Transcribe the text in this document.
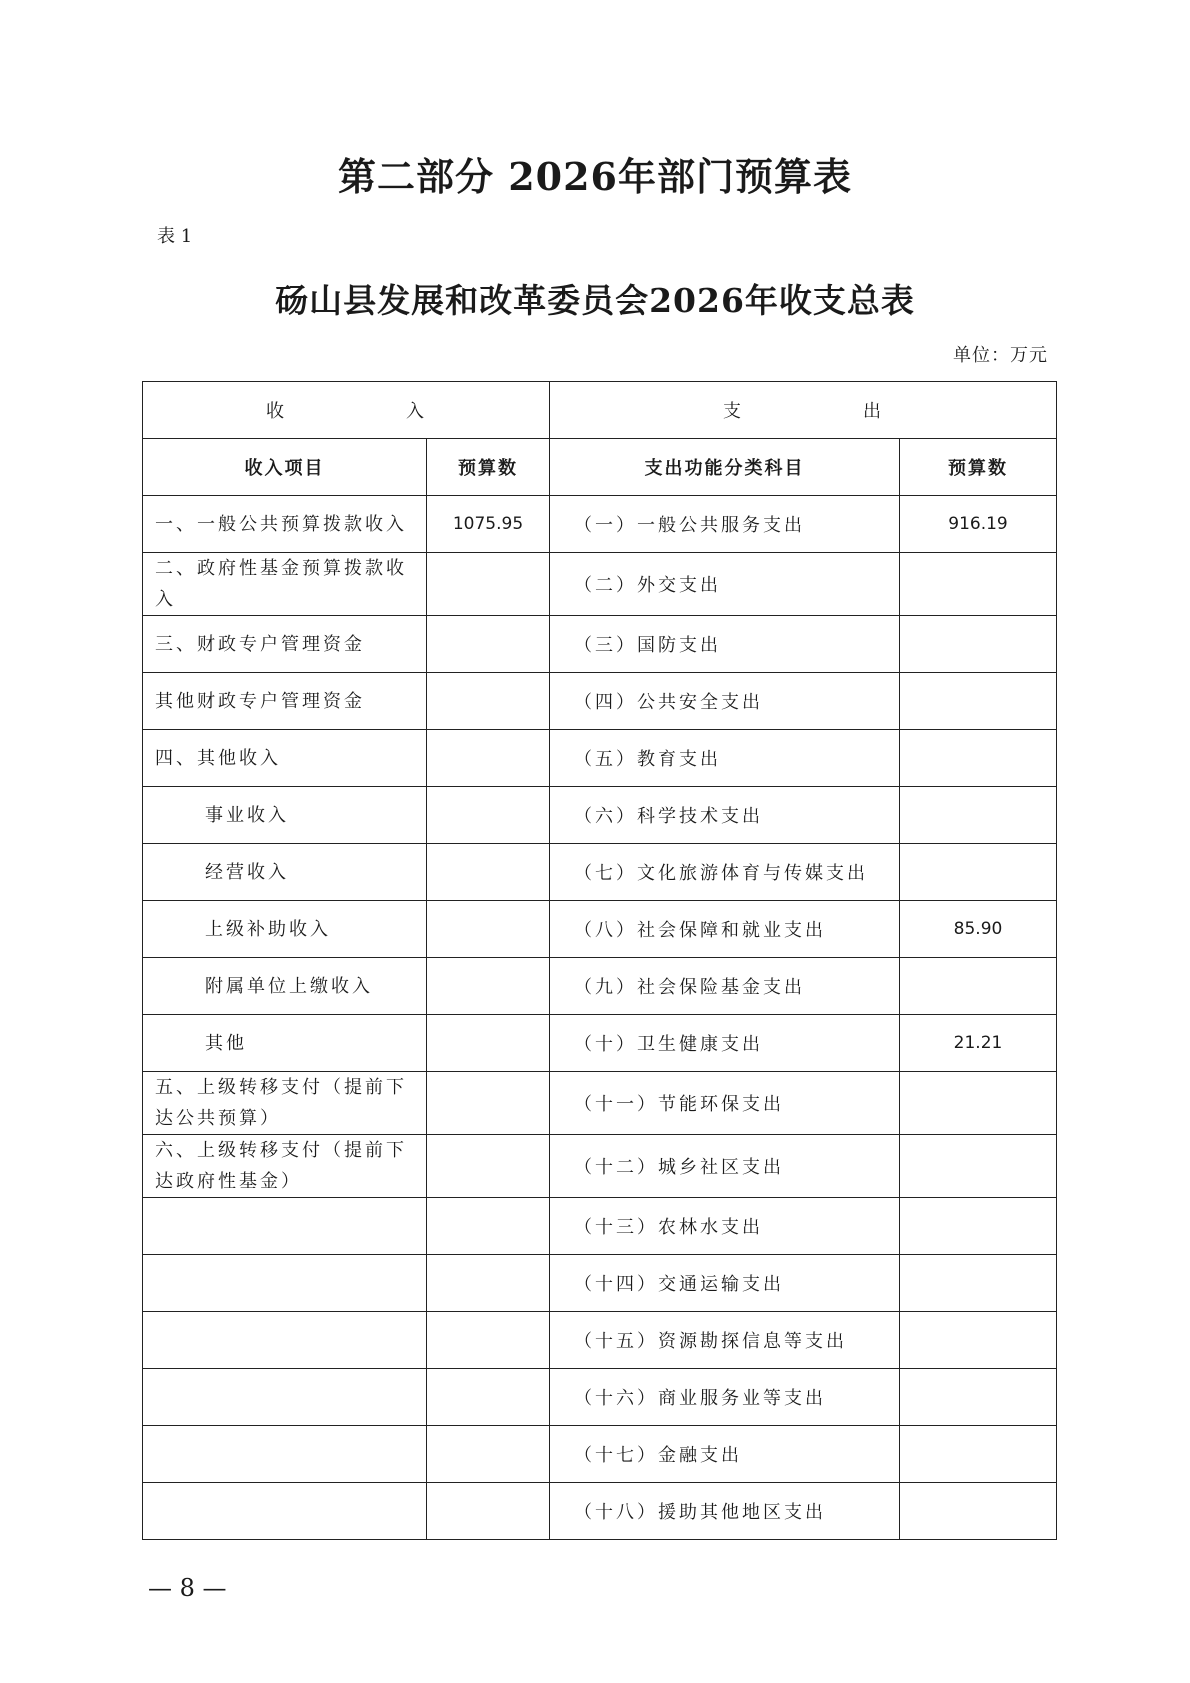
第二部分 2026年部门预算表
表 1
砀山县发展和改革委员会2026年收支总表
单位：万元
收 入		支 出	
收入项目	预算数	支出功能分类科目	预算数
一、一般公共预算拨款收入	1075.95	（一）一般公共服务支出	916.19
二、政府性基金预算拨款收入		（二）外交支出	
三、财政专户管理资金		（三）国防支出	
其他财政专户管理资金		（四）公共安全支出	
四、其他收入		（五）教育支出	
事业收入		（六）科学技术支出	
经营收入		（七）文化旅游体育与传媒支出	
上级补助收入		（八）社会保障和就业支出	85.90
附属单位上缴收入		（九）社会保险基金支出	
其他		（十）卫生健康支出	21.21
五、上级转移支付（提前下达公共预算）		（十一）节能环保支出	
六、上级转移支付（提前下达政府性基金）		（十二）城乡社区支出	
		（十三）农林水支出	
		（十四）交通运输支出	
		（十五）资源勘探信息等支出	
		（十六）商业服务业等支出	
		（十七）金融支出	
		（十八）援助其他地区支出	
— 8 —
